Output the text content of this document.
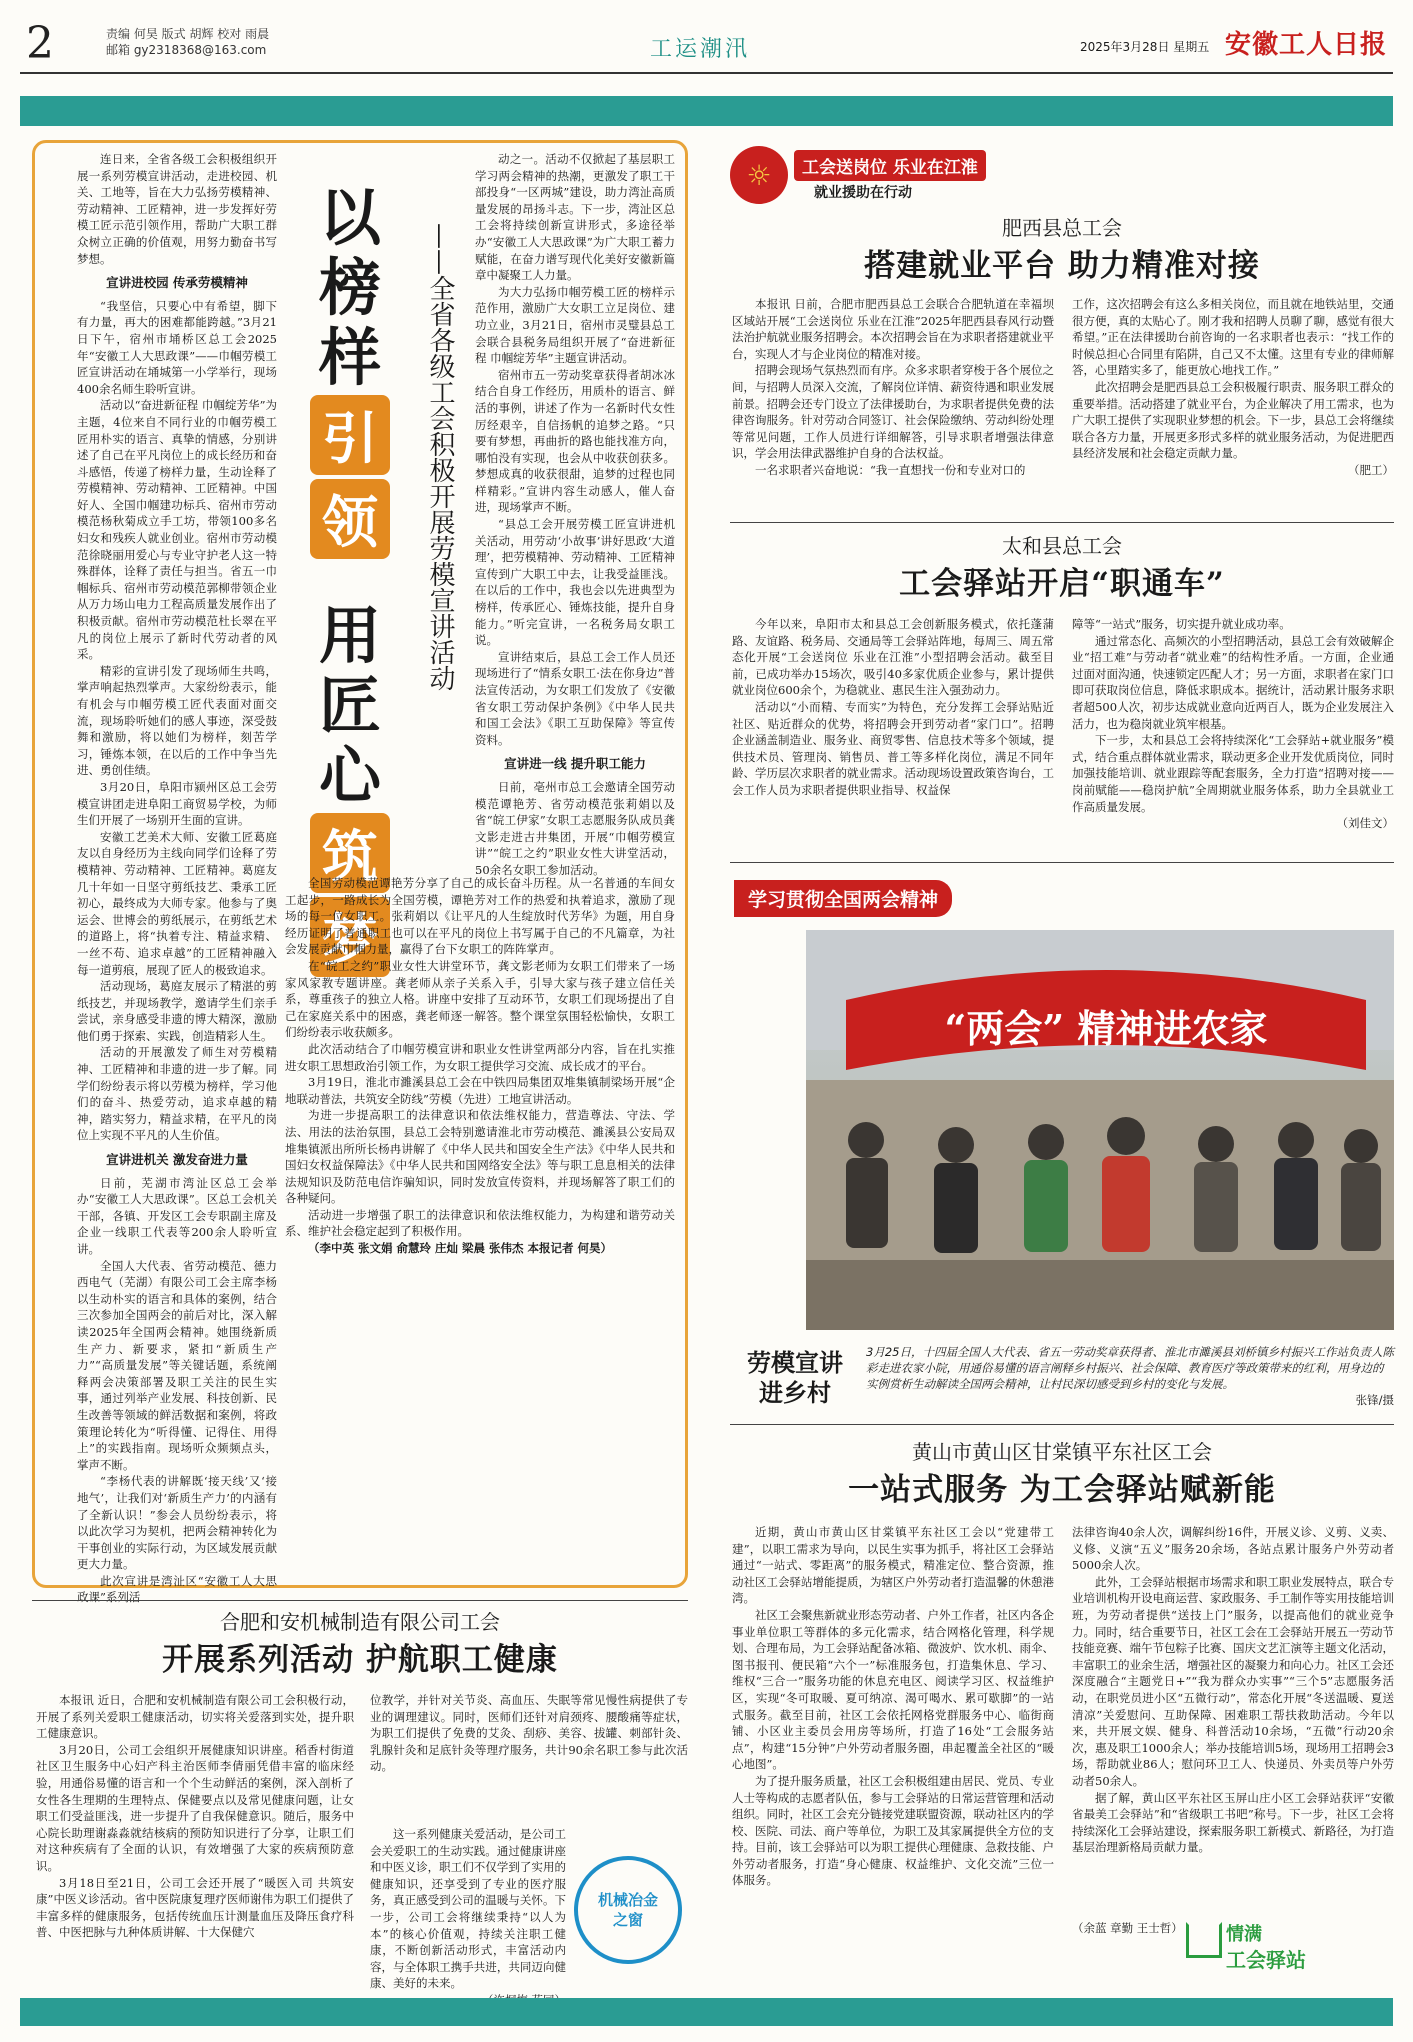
2	责编 何昊 版式 胡辉 校对 雨晨
邮箱 gy2318368@163.com	工运潮汛	2025年3月28日 星期五 安徽工人日报

连日来，全省各级工会积极组织开展一系列劳模宣讲活动，走进校园、机关、工地等，旨在大力弘扬劳模精神、劳动精神、工匠精神，进一步发挥好劳模工匠示范引领作用，帮助广大职工群众树立正确的价值观，用努力勤奋书写梦想。

宣讲进校园 传承劳模精神

“我坚信，只要心中有希望，脚下有力量，再大的困难都能跨越。”3月21日下午，宿州市埇桥区总工会2025年“安徽工人大思政课”——巾帼劳模工匠宣讲活动在埇城第一小学举行，现场400余名师生聆听宣讲。

活动以“奋进新征程 巾帼绽芳华”为主题，4位来自不同行业的巾帼劳模工匠用朴实的语言、真挚的情感，分别讲述了自己在平凡岗位上的成长经历和奋斗感悟，传递了榜样力量，生动诠释了劳模精神、劳动精神、工匠精神。中国好人、全国巾帼建功标兵、宿州市劳动模范杨秋菊成立手工坊，带领100多名妇女和残疾人就业创业。宿州市劳动模范徐晓丽用爱心与专业守护老人这一特殊群体，诠释了责任与担当。省五一巾帼标兵、宿州市劳动模范郭柳带领企业从万力场山电力工程高质量发展作出了积极贡献。宿州市劳动模范杜长翠在平凡的岗位上展示了新时代劳动者的风采。

精彩的宣讲引发了现场师生共鸣，掌声响起热烈掌声。大家纷纷表示，能有机会与巾帼劳模工匠代表面对面交流，现场聆听她们的感人事迹，深受鼓舞和激励，将以她们为榜样，刻苦学习，锤炼本领，在以后的工作中争当先进、勇创佳绩。

3月20日，阜阳市颍州区总工会劳模宣讲团走进阜阳工商贸易学校，为师生们开展了一场别开生面的宣讲。

安徽工艺美术大师、安徽工匠葛庭友以自身经历为主线向同学们诠释了劳模精神、劳动精神、工匠精神。葛庭友几十年如一日坚守剪纸技艺、秉承工匠初心，最终成为大师专家。他参与了奥运会、世博会的剪纸展示，在剪纸艺术的道路上，将“执着专注、精益求精、一丝不苟、追求卓越”的工匠精神融入每一道剪痕，展现了匠人的极致追求。

活动现场，葛庭友展示了精湛的剪纸技艺，并现场教学，邀请学生们亲手尝试，亲身感受非遗的博大精深，激励他们勇于探索、实践，创造精彩人生。

活动的开展激发了师生对劳模精神、工匠精神和非遗的进一步了解。同学们纷纷表示将以劳模为榜样，学习他们的奋斗、热爱劳动，追求卓越的精神，踏实努力，精益求精，在平凡的岗位上实现不平凡的人生价值。

宣讲进机关 激发奋进力量

日前，芜湖市湾沚区总工会举办“安徽工人大思政课”。区总工会机关干部，各镇、开发区工会专职副主席及企业一线职工代表等200余人聆听宣讲。

全国人大代表、省劳动模范、德力西电气（芜湖）有限公司工会主席李杨以生动朴实的语言和具体的案例，结合三次参加全国两会的前后对比，深入解读2025年全国两会精神。她围绕新质生产力、新要求，紧扣“新质生产力”“高质量发展”等关键话题，系统阐释两会决策部署及职工关注的民生实事，通过列举产业发展、科技创新、民生改善等领域的鲜活数据和案例，将政策理论转化为“听得懂、记得住、用得上”的实践指南。现场听众频频点头，掌声不断。

“李杨代表的讲解既‘接天线’又‘接地气’，让我们对‘新质生产力’的内涵有了全新认识！”参会人员纷纷表示，将以此次学习为契机，把两会精神转化为干事创业的实际行动，为区域发展贡献更大力量。

此次宣讲是湾沚区“安徽工人大思政课”系列活

以
榜
样
引
领
用
匠
心
筑
梦
——全省各级工会积极开展劳模宣讲活动

动之一。活动不仅掀起了基层职工学习两会精神的热潮，更激发了职工干部投身“一区两城”建设，助力湾沚高质量发展的昂扬斗志。下一步，湾沚区总工会将持续创新宣讲形式，多途径举办“安徽工人大思政课”为广大职工蓄力赋能，在奋力谱写现代化美好安徽新篇章中凝聚工人力量。

为大力弘扬巾帼劳模工匠的榜样示范作用，激励广大女职工立足岗位、建功立业，3月21日，宿州市灵璧县总工会联合县税务局组织开展了“奋进新征程 巾帼绽芳华”主题宣讲活动。

宿州市五一劳动奖章获得者胡冰冰结合自身工作经历，用质朴的语言、鲜活的事例，讲述了作为一名新时代女性厉经艰辛，自信扬帆的追梦之路。“只要有梦想，再曲折的路也能找准方向，哪怕没有实现，也会从中收获创获多。梦想成真的收获很甜，追梦的过程也同样精彩。”宣讲内容生动感人，催人奋进，现场掌声不断。

“县总工会开展劳模工匠宣讲进机关活动，用劳动‘小故事’讲好思政‘大道理’，把劳模精神、劳动精神、工匠精神宣传到广大职工中去，让我受益匪浅。在以后的工作中，我也会以先进典型为榜样，传承匠心、锤炼技能，提升自身能力。”听完宣讲，一名税务局女职工说。

宣讲结束后，县总工会工作人员还现场进行了“情系女职工·法在你身边”普法宣传活动，为女职工们发放了《安徽省女职工劳动保护条例》《中华人民共和国工会法》《职工互助保障》等宣传资料。

宣讲进一线 提升职工能力

日前，亳州市总工会邀请全国劳动模范谭艳芳、省劳动模范张莉娟以及省“皖工伊家”女职工志愿服务队成员龚文影走进古井集团，开展“巾帼劳模宣讲”“皖工之约”职业女性大讲堂活动，50余名女职工参加活动。

全国劳动模范谭艳芳分享了自己的成长奋斗历程。从一名普通的车间女工起步，一路成长为全国劳模，谭艳芳对工作的热爱和执着追求，激励了现场的每一位女职工。张莉娟以《让平凡的人生绽放时代芳华》为题，用自身经历证明了普通职工也可以在平凡的岗位上书写属于自己的不凡篇章，为社会发展贡献巾帼力量，赢得了台下女职工的阵阵掌声。

在“皖工之约”职业女性大讲堂环节，龚文影老师为女职工们带来了一场家风家教专题讲座。龚老师从亲子关系入手，引导大家与孩子建立信任关系，尊重孩子的独立人格。讲座中安排了互动环节，女职工们现场提出了自己在家庭关系中的困惑，龚老师逐一解答。整个课堂氛围轻松愉快，女职工们纷纷表示收获颇多。

此次活动结合了巾帼劳模宣讲和职业女性讲堂两部分内容，旨在扎实推进女职工思想政治引领工作，为女职工提供学习交流、成长成才的平台。

3月19日，淮北市濉溪县总工会在中铁四局集团双堆集镇制梁场开展“企地联动普法，共筑安全防线”劳模（先进）工地宣讲活动。

为进一步提高职工的法律意识和依法维权能力，营造尊法、守法、学法、用法的法治氛围，县总工会特别邀请淮北市劳动模范、濉溪县公安局双堆集镇派出所所长杨冉讲解了《中华人民共和国安全生产法》《中华人民共和国妇女权益保障法》《中华人民共和国网络安全法》等与职工息息相关的法律法规知识及防范电信诈骗知识，同时发放宣传资料，并现场解答了职工们的各种疑问。

活动进一步增强了职工的法律意识和依法维权能力，为构建和谐劳动关系、维护社会稳定起到了积极作用。

（李中英 张文娟 俞慧玲 庄灿 梁晨 张伟杰 本报记者 何昊）

☼	工会送岗位 乐业在江淮
就业援助在行动
肥西县总工会
搭建就业平台 助力精准对接

本报讯 日前，合肥市肥西县总工会联合合肥轨道在幸福坝区域站开展“工会送岗位 乐业在江淮”2025年肥西县春风行动暨法治护航就业服务招聘会。本次招聘会旨在为求职者搭建就业平台，实现人才与企业岗位的精准对接。

招聘会现场气氛热烈而有序。众多求职者穿梭于各个展位之间，与招聘人员深入交流，了解岗位详情、薪资待遇和职业发展前景。招聘会还专门设立了法律援助台，为求职者提供免费的法律咨询服务。针对劳动合同签订、社会保险缴纳、劳动纠纷处理等常见问题，工作人员进行详细解答，引导求职者增强法律意识，学会用法律武器维护自身的合法权益。

一名求职者兴奋地说：“我一直想找一份和专业对口的

工作，这次招聘会有这么多相关岗位，而且就在地铁站里，交通很方便，真的太贴心了。刚才我和招聘人员聊了聊，感觉有很大希望。”正在法律援助台前咨询的一名求职者也表示：“找工作的时候总担心合同里有陷阱，自己又不太懂。这里有专业的律师解答，心里踏实多了，能更放心地找工作。”

此次招聘会是肥西县总工会积极履行职责、服务职工群众的重要举措。活动搭建了就业平台，为企业解决了用工需求，也为广大职工提供了实现职业梦想的机会。下一步，县总工会将继续联合各方力量，开展更多形式多样的就业服务活动，为促进肥西县经济发展和社会稳定贡献力量。

（肥工）

太和县总工会
工会驿站开启“职通车”

今年以来，阜阳市太和县总工会创新服务模式，依托蓬蒲路、友谊路、税务局、交通局等工会驿站阵地，每周三、周五常态化开展“工会送岗位 乐业在江淮”小型招聘会活动。截至目前，已成功举办15场次，吸引40多家优质企业参与，累计提供就业岗位600余个，为稳就业、惠民生注入强劲动力。

活动以“小而精、专而实”为特色，充分发挥工会驿站贴近社区、贴近群众的优势，将招聘会开到劳动者“家门口”。招聘企业涵盖制造业、服务业、商贸零售、信息技术等多个领域，提供技术员、管理岗、销售员、普工等多样化岗位，满足不同年龄、学历层次求职者的就业需求。活动现场设置政策咨询台，工会工作人员为求职者提供职业指导、权益保

障等“一站式”服务，切实提升就业成功率。

通过常态化、高频次的小型招聘活动，县总工会有效破解企业“招工难”与劳动者“就业难”的结构性矛盾。一方面，企业通过面对面沟通，快速锁定匹配人才；另一方面，求职者在家门口即可获取岗位信息，降低求职成本。据统计，活动累计服务求职者超500人次，初步达成就业意向近两百人，既为企业发展注入活力，也为稳岗就业筑牢根基。

下一步，太和县总工会将持续深化“工会驿站+就业服务”模式，结合重点群体就业需求，联动更多企业开发优质岗位，同时加强技能培训、就业跟踪等配套服务，全力打造“招聘对接——岗前赋能——稳岗护航”全周期就业服务体系，助力全县就业工作高质量发展。

（刘佳文）

学习贯彻全国两会精神
“两会” 精神进农家
劳模宣讲进乡村
3月25日，十四届全国人大代表、省五一劳动奖章获得者、淮北市濉溪县刘桥镇乡村振兴工作站负责人陈彩走进农家小院，用通俗易懂的语言阐释乡村振兴、社会保障、教育医疗等政策带来的红利，用身边的实例赏析生动解读全国两会精神，让村民深切感受到乡村的变化与发展。
张锋/摄
黄山市黄山区甘棠镇平东社区工会
一站式服务 为工会驿站赋新能

近期，黄山市黄山区甘棠镇平东社区工会以“党建带工建”，以职工需求为导向，以民生实事为抓手，将社区工会驿站通过“一站式、零距离”的服务模式，精准定位、整合资源，推动社区工会驿站增能提质，为辖区户外劳动者打造温馨的休憩港湾。

社区工会聚焦新就业形态劳动者、户外工作者，社区内各企事业单位职工等群体的多元化需求，结合网格化管理，科学规划、合理布局，为工会驿站配备冰箱、微波炉、饮水机、雨伞、图书报刊、便民箱“六个一”标准服务包，打造集休息、学习、维权“三合一”服务功能的休息充电区、阅读学习区、权益维护区，实现“冬可取暖、夏可纳凉、渴可喝水、累可歇脚”的一站式服务。截至目前，社区工会依托网格党群服务中心、临街商铺、小区业主委员会用房等场所，打造了16处“工会服务站点”，构建“15分钟”户外劳动者服务圈，串起覆盖全社区的“暖心地图”。

为了提升服务质量，社区工会积极组建由居民、党员、专业人士等构成的志愿者队伍，参与工会驿站的日常运营管理和活动组织。同时，社区工会充分链接党建联盟资源，联动社区内的学校、医院、司法、商户等单位，为职工及其家属提供全方位的支持。目前，该工会驿站可以为职工提供心理健康、急救技能、户外劳动者服务，打造“身心健康、权益维护、文化交流”三位一体服务。

法律咨询40余人次，调解纠纷16件，开展义诊、义剪、义卖、义修、义演“五义”服务20余场，各站点累计服务户外劳动者5000余人次。

此外，工会驿站根据市场需求和职工职业发展特点，联合专业培训机构开设电商运营、家政服务、手工制作等实用技能培训班，为劳动者提供“送技上门”服务，以提高他们的就业竞争力。同时，结合重要节日，社区工会在工会驿站开展五一劳动节技能竞赛、端午节包粽子比赛、国庆文艺汇演等主题文化活动，丰富职工的业余生活，增强社区的凝聚力和向心力。社区工会还深度融合“主题党日+”“我为群众办实事”“三个5”志愿服务活动，在职党员进小区“五微行动”，常态化开展“冬送温暖、夏送清凉”关爱慰问、互助保障、困难职工帮扶救助活动。今年以来，共开展文娱、健身、科普活动10余场，“五微”行动20余次，惠及职工1000余人；举办技能培训5场，现场用工招聘会3场，帮助就业86人；慰问环卫工人、快递员、外卖员等户外劳动者50余人。

据了解，黄山区平东社区玉屏山庄小区工会驿站获评“安徽省最美工会驿站”和“省级职工书吧”称号。下一步，社区工会将持续深化工会驿站建设，探索服务职工新模式、新路径，为打造基层治理新格局贡献力量。

（余蓝 章勤 王士哲） 情满
工会驿站
合肥和安机械制造有限公司工会
开展系列活动 护航职工健康

本报讯 近日，合肥和安机械制造有限公司工会积极行动，开展了系列关爱职工健康活动，切实将关爱落到实处，提升职工健康意识。

3月20日，公司工会组织开展健康知识讲座。稻香村街道社区卫生服务中心妇产科主治医师李倩丽凭借丰富的临床经验，用通俗易懂的语言和一个个生动鲜活的案例，深入剖析了女性各生理期的生理特点、保健要点以及常见健康问题，让女职工们受益匪浅，进一步提升了自我保健意识。随后，服务中心院长助理谢淼淼就结核病的预防知识进行了分享，让职工们对这种疾病有了全面的认识，有效增强了大家的疾病预防意识。

3月18日至21日，公司工会还开展了“暖医入司 共筑安康”中医义诊活动。省中医院康复理疗医师谢伟为职工们提供了丰富多样的健康服务，包括传统血压计测量血压及降压食疗科普、中医把脉与九种体质讲解、十大保健穴

位教学，并针对关节炎、高血压、失眠等常见慢性病提供了专业的调理建议。同时，医师们还针对肩颈疼、腰酸痛等症状，为职工们提供了免费的艾灸、刮痧、美容、拔罐、刺部针灸、乳腺针灸和足底针灸等理疗服务，共计90余名职工参与此次活动。

这一系列健康关爱活动，是公司工会关爱职工的生动实践。通过健康讲座和中医义诊，职工们不仅学到了实用的健康知识，还享受到了专业的医疗服务，真正感受到公司的温暖与关怀。下一步，公司工会将继续秉持“以人为本”的核心价值观，持续关注职工健康，不断创新活动形式，丰富活动内容，与全体职工携手共进，共同迈向健康、美好的未来。

机械冶金之窗
